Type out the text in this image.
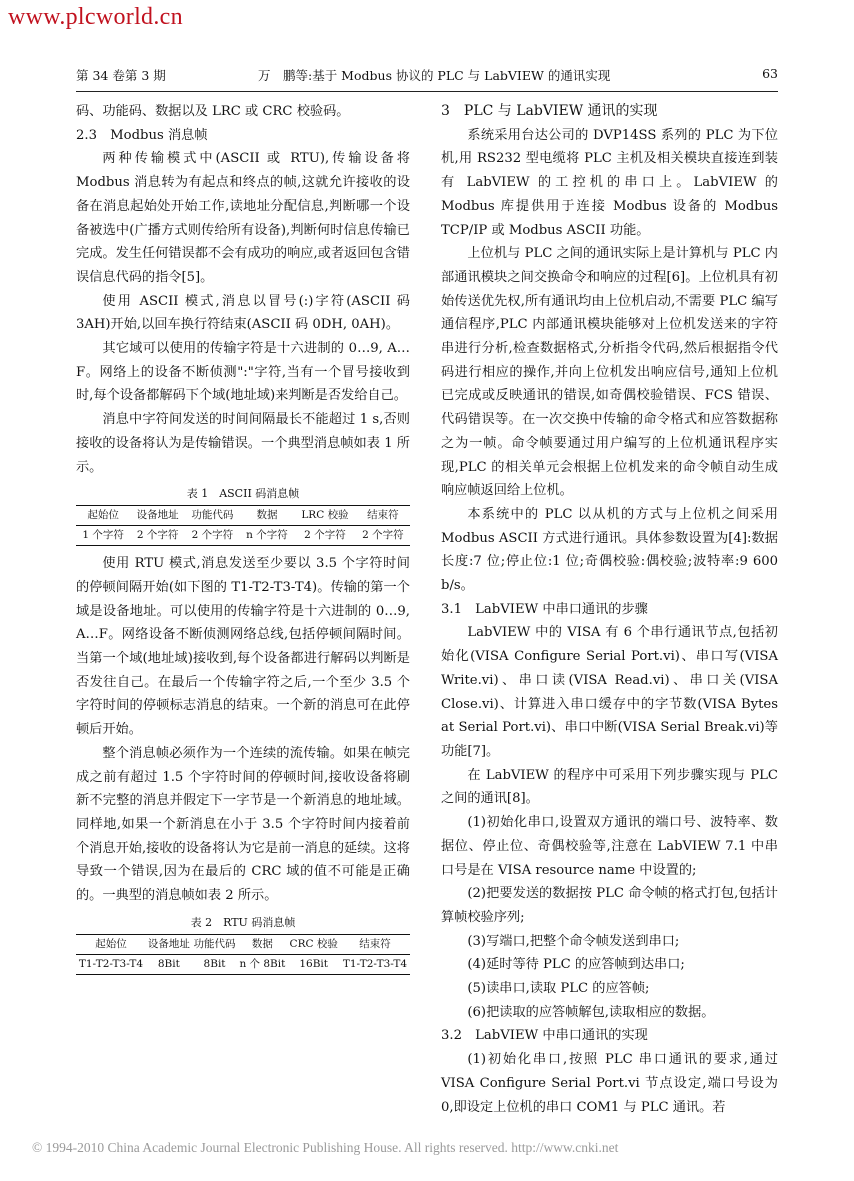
www.plcworld.cn
第 34 卷第 3 期	万　鹏等:基于 Modbus 协议的 PLC 与 LabVIEW 的通讯实现	63

码、功能码、数据以及 LRC 或 CRC 校验码。

2.3　Modbus 消息帧

两种传输模式中(ASCII 或 RTU),传输设备将 Modbus 消息转为有起点和终点的帧,这就允许接收的设备在消息起始处开始工作,读地址分配信息,判断哪一个设备被选中(广播方式则传给所有设备),判断何时信息传输已完成。发生任何错误都不会有成功的响应,或者返回包含错误信息代码的指令[5]。

使用 ASCII 模式,消息以冒号(:)字符(ASCII 码 3AH)开始,以回车换行符结束(ASCII 码 0DH, 0AH)。

其它域可以使用的传输字符是十六进制的 0…9, A…F。网络上的设备不断侦测":"字符,当有一个冒号接收到时,每个设备都解码下个域(地址域)来判断是否发给自己。

消息中字符间发送的时间间隔最长不能超过 1 s,否则接收的设备将认为是传输错误。一个典型消息帧如表 1 所示。

表 1　ASCII 码消息帧
起始位	设备地址	功能代码	数据	LRC 校验	结束符
1 个字符	2 个字符	2 个字符	n 个字符	2 个字符	2 个字符

使用 RTU 模式,消息发送至少要以 3.5 个字符时间的停顿间隔开始(如下图的 T1-T2-T3-T4)。传输的第一个域是设备地址。可以使用的传输字符是十六进制的 0…9, A…F。网络设备不断侦测网络总线,包括停顿间隔时间。当第一个域(地址域)接收到,每个设备都进行解码以判断是否发往自己。在最后一个传输字符之后,一个至少 3.5 个字符时间的停顿标志消息的结束。一个新的消息可在此停顿后开始。

整个消息帧必须作为一个连续的流传输。如果在帧完成之前有超过 1.5 个字符时间的停顿时间,接收设备将刷新不完整的消息并假定下一字节是一个新消息的地址域。同样地,如果一个新消息在小于 3.5 个字符时间内接着前个消息开始,接收的设备将认为它是前一消息的延续。这将导致一个错误,因为在最后的 CRC 域的值不可能是正确的。一典型的消息帧如表 2 所示。

表 2　RTU 码消息帧
起始位	设备地址	功能代码	数据	CRC 校验	结束符
T1-T2-T3-T4	8Bit	8Bit	n 个 8Bit	16Bit	T1-T2-T3-T4

3　PLC 与 LabVIEW 通讯的实现

系统采用台达公司的 DVP14SS 系列的 PLC 为下位机,用 RS232 型电缆将 PLC 主机及相关模块直接连到装有 LabVIEW 的工控机的串口上。LabVIEW 的 Modbus 库提供用于连接 Modbus 设备的 Modbus TCP/IP 或 Modbus ASCII 功能。

上位机与 PLC 之间的通讯实际上是计算机与 PLC 内部通讯模块之间交换命令和响应的过程[6]。上位机具有初始传送优先权,所有通讯均由上位机启动,不需要 PLC 编写通信程序,PLC 内部通讯模块能够对上位机发送来的字符串进行分析,检查数据格式,分析指令代码,然后根据指令代码进行相应的操作,并向上位机发出响应信号,通知上位机已完成或反映通讯的错误,如奇偶校验错误、FCS 错误、代码错误等。在一次交换中传输的命令格式和应答数据称之为一帧。命令帧要通过用户编写的上位机通讯程序实现,PLC 的相关单元会根据上位机发来的命令帧自动生成响应帧返回给上位机。

本系统中的 PLC 以从机的方式与上位机之间采用 Modbus ASCII 方式进行通讯。具体参数设置为[4]:数据长度:7 位;停止位:1 位;奇偶校验:偶校验;波特率:9 600 b/s。

3.1　LabVIEW 中串口通讯的步骤

LabVIEW 中的 VISA 有 6 个串行通讯节点,包括初始化(VISA Configure Serial Port.vi)、串口写(VISA Write.vi)、串口读(VISA Read.vi)、串口关(VISA Close.vi)、计算进入串口缓存中的字节数(VISA Bytes at Serial Port.vi)、串口中断(VISA Serial Break.vi)等功能[7]。

在 LabVIEW 的程序中可采用下列步骤实现与 PLC 之间的通讯[8]。

(1)初始化串口,设置双方通讯的端口号、波特率、数据位、停止位、奇偶校验等,注意在 LabVIEW 7.1 中串口号是在 VISA resource name 中设置的;

(2)把要发送的数据按 PLC 命令帧的格式打包,包括计算帧校验序列;

(3)写端口,把整个命令帧发送到串口;

(4)延时等待 PLC 的应答帧到达串口;

(5)读串口,读取 PLC 的应答帧;

(6)把读取的应答帧解包,读取相应的数据。

3.2　LabVIEW 中串口通讯的实现

(1)初始化串口,按照 PLC 串口通讯的要求,通过 VISA Configure Serial Port.vi 节点设定,端口号设为 0,即设定上位机的串口 COM1 与 PLC 通讯。若

© 1994-2010 China Academic Journal Electronic Publishing House. All rights reserved. http://www.cnki.net
